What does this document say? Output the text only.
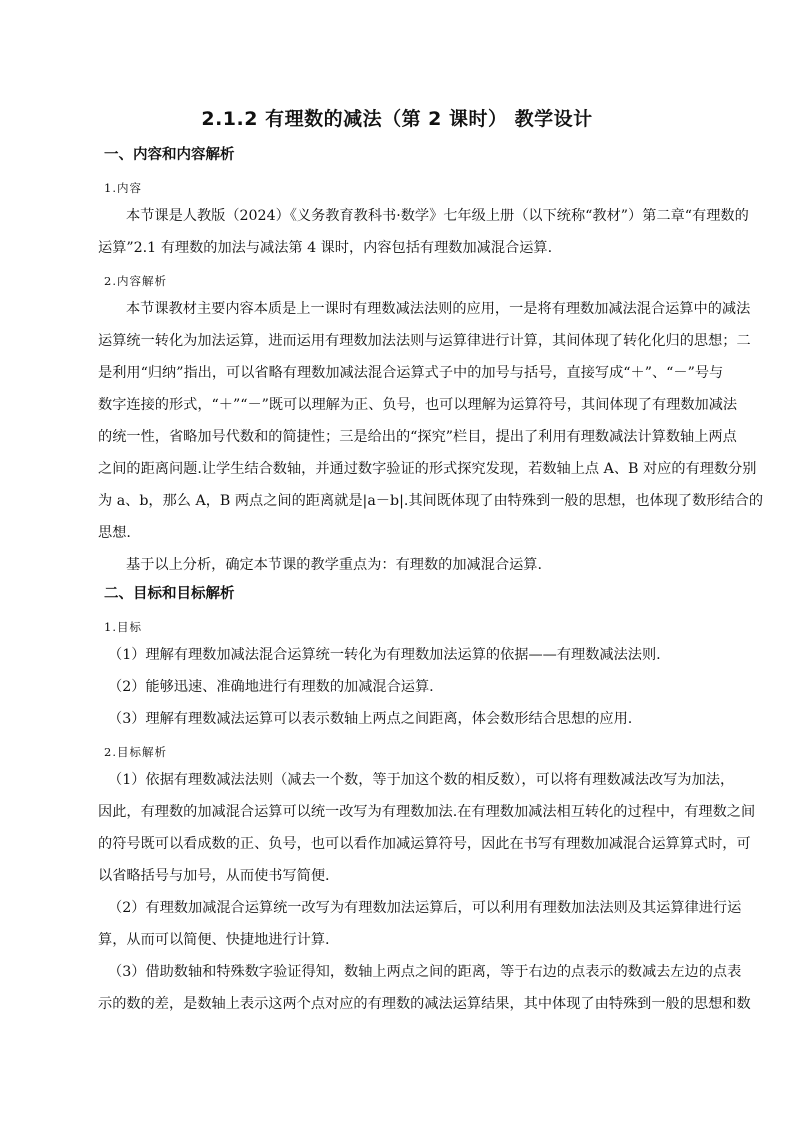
2.1.2 有理数的减法（第 2 课时） 教学设计
一、内容和内容解析
1.内容
本节课是人教版（2024）《义务教育教科书·数学》七年级上册（以下统称“教材”）第二章“有理数的
运算”2.1 有理数的加法与减法第 4 课时，内容包括有理数加减混合运算.
2.内容解析
本节课教材主要内容本质是上一课时有理数减法法则的应用，一是将有理数加减法混合运算中的减法
运算统一转化为加法运算，进而运用有理数加法法则与运算律进行计算，其间体现了转化化归的思想；二
是利用“归纳”指出，可以省略有理数加减法混合运算式子中的加号与括号，直接写成“＋”、“－”号与
数字连接的形式，“＋”“－”既可以理解为正、负号，也可以理解为运算符号，其间体现了有理数加减法
的统一性，省略加号代数和的简捷性；三是给出的“探究”栏目，提出了利用有理数减法计算数轴上两点
之间的距离问题.让学生结合数轴，并通过数字验证的形式探究发现，若数轴上点 A、B 对应的有理数分别
为 a、b，那么 A，B 两点之间的距离就是|a－b|.其间既体现了由特殊到一般的思想，也体现了数形结合的
思想.
基于以上分析，确定本节课的教学重点为：有理数的加减混合运算.
二、目标和目标解析
1.目标
（1）理解有理数加减法混合运算统一转化为有理数加法运算的依据——有理数减法法则.
（2）能够迅速、准确地进行有理数的加减混合运算.
（3）理解有理数减法运算可以表示数轴上两点之间距离，体会数形结合思想的应用.
2.目标解析
（1）依据有理数减法法则（减去一个数，等于加这个数的相反数），可以将有理数减法改写为加法，
因此，有理数的加减混合运算可以统一改写为有理数加法.在有理数加减法相互转化的过程中，有理数之间
的符号既可以看成数的正、负号，也可以看作加减运算符号，因此在书写有理数加减混合运算算式时，可
以省略括号与加号，从而使书写简便.
（2）有理数加减混合运算统一改写为有理数加法运算后，可以利用有理数加法法则及其运算律进行运
算，从而可以简便、快捷地进行计算.
（3）借助数轴和特殊数字验证得知，数轴上两点之间的距离，等于右边的点表示的数减去左边的点表
示的数的差，是数轴上表示这两个点对应的有理数的减法运算结果，其中体现了由特殊到一般的思想和数
